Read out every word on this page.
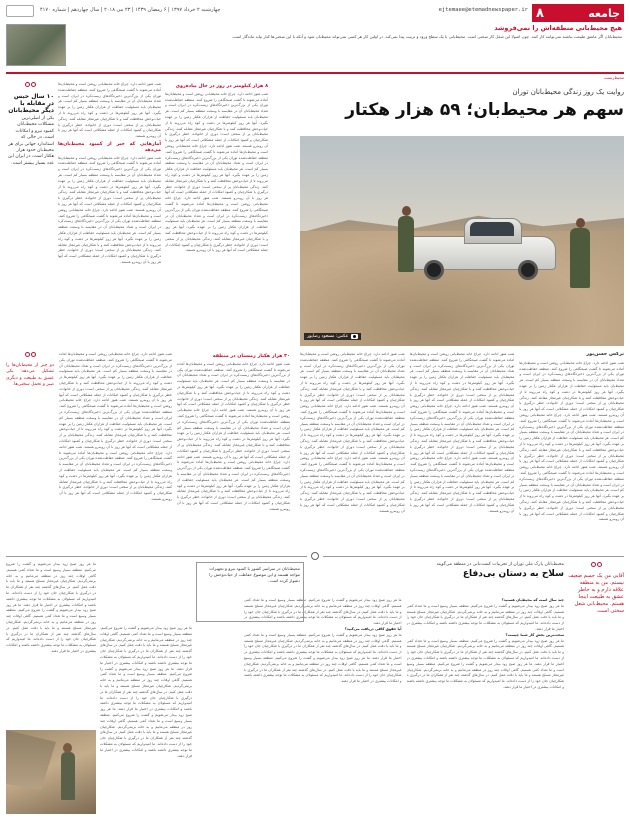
جامعه
۸
ejtemaee@etemadnewspaper.ir
چهارشنبه ۲ خرداد ۱۳۹۷ | ۶ رمضان ۱۴۳۹ | ۲۳ می ۲۰۱۸ | سال چهاردهم | شماره ۴۱۷۰
هیچ محیط‌بانی منطقه‌اش را نمی‌فروشد
محیط‌بانان اگر عاشق طبیعت نباشند نمی‌توانند کار کنند. چون اصولا این شغل کار سختی است. محیط‌بانی با یک سطح ورود و تربیت پیدا نمی‌کند. در اولین کار هر کسی نمی‌تواند محیط‌بان شود و آنکه با این سختی‌ها کنار بیاید ماندگار است.
محیط‌زیست
روایت یک روز زندگی محیط‌بانان توران
سهم هر محیط‌بان؛ ۵۹ هزار هکتار
عکس: مسعود رضاپور
۱۰ سال حبس در مقابله با دیگر محیط‌بانان
یکی از اصلی‌ترین مشکلات محیط‌بانان کمبود نیرو و امکانات است. در حالی که استاندارد جهانی برای هر محیط‌بان حدود هزار هکتار است، در ایران این عدد بسیار بیشتر است.
۸ هزار کیلومتر در روز در حال پیاده‌روی
شب هنوز ادامه دارد. چراغ خانه محیط‌بانی روشن است و محیط‌بان‌ها آماده می‌شوند تا گشت صبحگاهی را شروع کنند. منطقه حفاظت‌شده توران یکی از بزرگ‌ترین ذخیره‌گاه‌های زیست‌کره در ایران است و تعداد محیط‌بانان آن در مقایسه با وسعت منطقه بسیار کم است. هر محیط‌بان باید مسئولیت حفاظت از هزاران هکتار زمین را بر عهده بگیرد. آنها هر روز کیلومترها در دشت و کوه راه می‌روند تا از حیات‌وحش محافظت کنند و با شکارچیان غیرمجاز مقابله کنند. زندگی محیط‌بانان پر از سختی است؛ دوری از خانواده، خطر درگیری با شکارچیان و کمبود امکانات از جمله مشکلاتی است که آنها هر روز با آن روبه‌رو هستند. شب هنوز ادامه دارد. چراغ خانه محیط‌بانی روشن است و محیط‌بان‌ها آماده می‌شوند تا گشت صبحگاهی را شروع کنند. منطقه حفاظت‌شده توران یکی از بزرگ‌ترین ذخیره‌گاه‌های زیست‌کره در ایران است و تعداد محیط‌بانان آن در مقایسه با وسعت منطقه بسیار کم است. هر محیط‌بان باید مسئولیت حفاظت از هزاران هکتار زمین را بر عهده بگیرد. آنها هر روز کیلومترها در دشت و کوه راه می‌روند تا از حیات‌وحش محافظت کنند و با شکارچیان غیرمجاز مقابله کنند. زندگی محیط‌بانان پر از سختی است؛ دوری از خانواده، خطر درگیری با شکارچیان و کمبود امکانات از جمله مشکلاتی است که آنها هر روز با آن روبه‌رو هستند. شب هنوز ادامه دارد. چراغ خانه محیط‌بانی روشن است و محیط‌بان‌ها آماده می‌شوند تا گشت صبحگاهی را شروع کنند. منطقه حفاظت‌شده توران یکی از بزرگ‌ترین ذخیره‌گاه‌های زیست‌کره در ایران است و تعداد محیط‌بانان آن در مقایسه با وسعت منطقه بسیار کم است. هر محیط‌بان باید مسئولیت حفاظت از هزاران هکتار زمین را بر عهده بگیرد. آنها هر روز کیلومترها در دشت و کوه راه می‌روند تا از حیات‌وحش محافظت کنند و با شکارچیان غیرمجاز مقابله کنند. زندگی محیط‌بانان پر از سختی است؛ دوری از خانواده، خطر درگیری با شکارچیان و کمبود امکانات از جمله مشکلاتی است که آنها هر روز با آن روبه‌رو هستند.
شب هنوز ادامه دارد. چراغ خانه محیط‌بانی روشن است و محیط‌بان‌ها آماده می‌شوند تا گشت صبحگاهی را شروع کنند. منطقه حفاظت‌شده توران یکی از بزرگ‌ترین ذخیره‌گاه‌های زیست‌کره در ایران است و تعداد محیط‌بانان آن در مقایسه با وسعت منطقه بسیار کم است. هر محیط‌بان باید مسئولیت حفاظت از هزاران هکتار زمین را بر عهده بگیرد. آنها هر روز کیلومترها در دشت و کوه راه می‌روند تا از حیات‌وحش محافظت کنند و با شکارچیان غیرمجاز مقابله کنند. زندگی محیط‌بانان پر از سختی است؛ دوری از خانواده، خطر درگیری با شکارچیان و کمبود امکانات از جمله مشکلاتی است که آنها هر روز با آن روبه‌رو هستند.
آمارهایی که خبر از کمبود محیط‌بان‌ها می‌دهد
شب هنوز ادامه دارد. چراغ خانه محیط‌بانی روشن است و محیط‌بان‌ها آماده می‌شوند تا گشت صبحگاهی را شروع کنند. منطقه حفاظت‌شده توران یکی از بزرگ‌ترین ذخیره‌گاه‌های زیست‌کره در ایران است و تعداد محیط‌بانان آن در مقایسه با وسعت منطقه بسیار کم است. هر محیط‌بان باید مسئولیت حفاظت از هزاران هکتار زمین را بر عهده بگیرد. آنها هر روز کیلومترها در دشت و کوه راه می‌روند تا از حیات‌وحش محافظت کنند و با شکارچیان غیرمجاز مقابله کنند. زندگی محیط‌بانان پر از سختی است؛ دوری از خانواده، خطر درگیری با شکارچیان و کمبود امکانات از جمله مشکلاتی است که آنها هر روز با آن روبه‌رو هستند. شب هنوز ادامه دارد. چراغ خانه محیط‌بانی روشن است و محیط‌بان‌ها آماده می‌شوند تا گشت صبحگاهی را شروع کنند. منطقه حفاظت‌شده توران یکی از بزرگ‌ترین ذخیره‌گاه‌های زیست‌کره در ایران است و تعداد محیط‌بانان آن در مقایسه با وسعت منطقه بسیار کم است. هر محیط‌بان باید مسئولیت حفاظت از هزاران هکتار زمین را بر عهده بگیرد. آنها هر روز کیلومترها در دشت و کوه راه می‌روند تا از حیات‌وحش محافظت کنند و با شکارچیان غیرمجاز مقابله کنند. زندگی محیط‌بانان پر از سختی است؛ دوری از خانواده، خطر درگیری با شکارچیان و کمبود امکانات از جمله مشکلاتی است که آنها هر روز با آن روبه‌رو هستند.
نرگس حسن‌پور
شب هنوز ادامه دارد. چراغ خانه محیط‌بانی روشن است و محیط‌بان‌ها آماده می‌شوند تا گشت صبحگاهی را شروع کنند. منطقه حفاظت‌شده توران یکی از بزرگ‌ترین ذخیره‌گاه‌های زیست‌کره در ایران است و تعداد محیط‌بانان آن در مقایسه با وسعت منطقه بسیار کم است. هر محیط‌بان باید مسئولیت حفاظت از هزاران هکتار زمین را بر عهده بگیرد. آنها هر روز کیلومترها در دشت و کوه راه می‌روند تا از حیات‌وحش محافظت کنند و با شکارچیان غیرمجاز مقابله کنند. زندگی محیط‌بانان پر از سختی است؛ دوری از خانواده، خطر درگیری با شکارچیان و کمبود امکانات از جمله مشکلاتی است که آنها هر روز با آن روبه‌رو هستند. شب هنوز ادامه دارد. چراغ خانه محیط‌بانی روشن است و محیط‌بان‌ها آماده می‌شوند تا گشت صبحگاهی را شروع کنند. منطقه حفاظت‌شده توران یکی از بزرگ‌ترین ذخیره‌گاه‌های زیست‌کره در ایران است و تعداد محیط‌بانان آن در مقایسه با وسعت منطقه بسیار کم است. هر محیط‌بان باید مسئولیت حفاظت از هزاران هکتار زمین را بر عهده بگیرد. آنها هر روز کیلومترها در دشت و کوه راه می‌روند تا از حیات‌وحش محافظت کنند و با شکارچیان غیرمجاز مقابله کنند. زندگی محیط‌بانان پر از سختی است؛ دوری از خانواده، خطر درگیری با شکارچیان و کمبود امکانات از جمله مشکلاتی است که آنها هر روز با آن روبه‌رو هستند. شب هنوز ادامه دارد. چراغ خانه محیط‌بانی روشن است و محیط‌بان‌ها آماده می‌شوند تا گشت صبحگاهی را شروع کنند. منطقه حفاظت‌شده توران یکی از بزرگ‌ترین ذخیره‌گاه‌های زیست‌کره در ایران است و تعداد محیط‌بانان آن در مقایسه با وسعت منطقه بسیار کم است. هر محیط‌بان باید مسئولیت حفاظت از هزاران هکتار زمین را بر عهده بگیرد. آنها هر روز کیلومترها در دشت و کوه راه می‌روند تا از حیات‌وحش محافظت کنند و با شکارچیان غیرمجاز مقابله کنند. زندگی محیط‌بانان پر از سختی است؛ دوری از خانواده، خطر درگیری با شکارچیان و کمبود امکانات از جمله مشکلاتی است که آنها هر روز با آن روبه‌رو هستند.
شب هنوز ادامه دارد. چراغ خانه محیط‌بانی روشن است و محیط‌بان‌ها آماده می‌شوند تا گشت صبحگاهی را شروع کنند. منطقه حفاظت‌شده توران یکی از بزرگ‌ترین ذخیره‌گاه‌های زیست‌کره در ایران است و تعداد محیط‌بانان آن در مقایسه با وسعت منطقه بسیار کم است. هر محیط‌بان باید مسئولیت حفاظت از هزاران هکتار زمین را بر عهده بگیرد. آنها هر روز کیلومترها در دشت و کوه راه می‌روند تا از حیات‌وحش محافظت کنند و با شکارچیان غیرمجاز مقابله کنند. زندگی محیط‌بانان پر از سختی است؛ دوری از خانواده، خطر درگیری با شکارچیان و کمبود امکانات از جمله مشکلاتی است که آنها هر روز با آن روبه‌رو هستند. شب هنوز ادامه دارد. چراغ خانه محیط‌بانی روشن است و محیط‌بان‌ها آماده می‌شوند تا گشت صبحگاهی را شروع کنند. منطقه حفاظت‌شده توران یکی از بزرگ‌ترین ذخیره‌گاه‌های زیست‌کره در ایران است و تعداد محیط‌بانان آن در مقایسه با وسعت منطقه بسیار کم است. هر محیط‌بان باید مسئولیت حفاظت از هزاران هکتار زمین را بر عهده بگیرد. آنها هر روز کیلومترها در دشت و کوه راه می‌روند تا از حیات‌وحش محافظت کنند و با شکارچیان غیرمجاز مقابله کنند. زندگی محیط‌بانان پر از سختی است؛ دوری از خانواده، خطر درگیری با شکارچیان و کمبود امکانات از جمله مشکلاتی است که آنها هر روز با آن روبه‌رو هستند. شب هنوز ادامه دارد. چراغ خانه محیط‌بانی روشن است و محیط‌بان‌ها آماده می‌شوند تا گشت صبحگاهی را شروع کنند. منطقه حفاظت‌شده توران یکی از بزرگ‌ترین ذخیره‌گاه‌های زیست‌کره در ایران است و تعداد محیط‌بانان آن در مقایسه با وسعت منطقه بسیار کم است. هر محیط‌بان باید مسئولیت حفاظت از هزاران هکتار زمین را بر عهده بگیرد. آنها هر روز کیلومترها در دشت و کوه راه می‌روند تا از حیات‌وحش محافظت کنند و با شکارچیان غیرمجاز مقابله کنند. زندگی محیط‌بانان پر از سختی است؛ دوری از خانواده، خطر درگیری با شکارچیان و کمبود امکانات از جمله مشکلاتی است که آنها هر روز با آن روبه‌رو هستند.
شب هنوز ادامه دارد. چراغ خانه محیط‌بانی روشن است و محیط‌بان‌ها آماده می‌شوند تا گشت صبحگاهی را شروع کنند. منطقه حفاظت‌شده توران یکی از بزرگ‌ترین ذخیره‌گاه‌های زیست‌کره در ایران است و تعداد محیط‌بانان آن در مقایسه با وسعت منطقه بسیار کم است. هر محیط‌بان باید مسئولیت حفاظت از هزاران هکتار زمین را بر عهده بگیرد. آنها هر روز کیلومترها در دشت و کوه راه می‌روند تا از حیات‌وحش محافظت کنند و با شکارچیان غیرمجاز مقابله کنند. زندگی محیط‌بانان پر از سختی است؛ دوری از خانواده، خطر درگیری با شکارچیان و کمبود امکانات از جمله مشکلاتی است که آنها هر روز با آن روبه‌رو هستند. شب هنوز ادامه دارد. چراغ خانه محیط‌بانی روشن است و محیط‌بان‌ها آماده می‌شوند تا گشت صبحگاهی را شروع کنند. منطقه حفاظت‌شده توران یکی از بزرگ‌ترین ذخیره‌گاه‌های زیست‌کره در ایران است و تعداد محیط‌بانان آن در مقایسه با وسعت منطقه بسیار کم است. هر محیط‌بان باید مسئولیت حفاظت از هزاران هکتار زمین را بر عهده بگیرد. آنها هر روز کیلومترها در دشت و کوه راه می‌روند تا از حیات‌وحش محافظت کنند و با شکارچیان غیرمجاز مقابله کنند. زندگی محیط‌بانان پر از سختی است؛ دوری از خانواده، خطر درگیری با شکارچیان و کمبود امکانات از جمله مشکلاتی است که آنها هر روز با آن روبه‌رو هستند. شب هنوز ادامه دارد. چراغ خانه محیط‌بانی روشن است و محیط‌بان‌ها آماده می‌شوند تا گشت صبحگاهی را شروع کنند. منطقه حفاظت‌شده توران یکی از بزرگ‌ترین ذخیره‌گاه‌های زیست‌کره در ایران است و تعداد محیط‌بانان آن در مقایسه با وسعت منطقه بسیار کم است. هر محیط‌بان باید مسئولیت حفاظت از هزاران هکتار زمین را بر عهده بگیرد. آنها هر روز کیلومترها در دشت و کوه راه می‌روند تا از حیات‌وحش محافظت کنند و با شکارچیان غیرمجاز مقابله کنند. زندگی محیط‌بانان پر از سختی است؛ دوری از خانواده، خطر درگیری با شکارچیان و کمبود امکانات از جمله مشکلاتی است که آنها هر روز با آن روبه‌رو هستند.
۳۰ هزار هکتار زمستان در منطقه
شب هنوز ادامه دارد. چراغ خانه محیط‌بانی روشن است و محیط‌بان‌ها آماده می‌شوند تا گشت صبحگاهی را شروع کنند. منطقه حفاظت‌شده توران یکی از بزرگ‌ترین ذخیره‌گاه‌های زیست‌کره در ایران است و تعداد محیط‌بانان آن در مقایسه با وسعت منطقه بسیار کم است. هر محیط‌بان باید مسئولیت حفاظت از هزاران هکتار زمین را بر عهده بگیرد. آنها هر روز کیلومترها در دشت و کوه راه می‌روند تا از حیات‌وحش محافظت کنند و با شکارچیان غیرمجاز مقابله کنند. زندگی محیط‌بانان پر از سختی است؛ دوری از خانواده، خطر درگیری با شکارچیان و کمبود امکانات از جمله مشکلاتی است که آنها هر روز با آن روبه‌رو هستند. شب هنوز ادامه دارد. چراغ خانه محیط‌بانی روشن است و محیط‌بان‌ها آماده می‌شوند تا گشت صبحگاهی را شروع کنند. منطقه حفاظت‌شده توران یکی از بزرگ‌ترین ذخیره‌گاه‌های زیست‌کره در ایران است و تعداد محیط‌بانان آن در مقایسه با وسعت منطقه بسیار کم است. هر محیط‌بان باید مسئولیت حفاظت از هزاران هکتار زمین را بر عهده بگیرد. آنها هر روز کیلومترها در دشت و کوه راه می‌روند تا از حیات‌وحش محافظت کنند و با شکارچیان غیرمجاز مقابله کنند. زندگی محیط‌بانان پر از سختی است؛ دوری از خانواده، خطر درگیری با شکارچیان و کمبود امکانات از جمله مشکلاتی است که آنها هر روز با آن روبه‌رو هستند. شب هنوز ادامه دارد. چراغ خانه محیط‌بانی روشن است و محیط‌بان‌ها آماده می‌شوند تا گشت صبحگاهی را شروع کنند. منطقه حفاظت‌شده توران یکی از بزرگ‌ترین ذخیره‌گاه‌های زیست‌کره در ایران است و تعداد محیط‌بانان آن در مقایسه با وسعت منطقه بسیار کم است. هر محیط‌بان باید مسئولیت حفاظت از هزاران هکتار زمین را بر عهده بگیرد. آنها هر روز کیلومترها در دشت و کوه راه می‌روند تا از حیات‌وحش محافظت کنند و با شکارچیان غیرمجاز مقابله کنند. زندگی محیط‌بانان پر از سختی است؛ دوری از خانواده، خطر درگیری با شکارچیان و کمبود امکانات از جمله مشکلاتی است که آنها هر روز با آن روبه‌رو هستند.
شب هنوز ادامه دارد. چراغ خانه محیط‌بانی روشن است و محیط‌بان‌ها آماده می‌شوند تا گشت صبحگاهی را شروع کنند. منطقه حفاظت‌شده توران یکی از بزرگ‌ترین ذخیره‌گاه‌های زیست‌کره در ایران است و تعداد محیط‌بانان آن در مقایسه با وسعت منطقه بسیار کم است. هر محیط‌بان باید مسئولیت حفاظت از هزاران هکتار زمین را بر عهده بگیرد. آنها هر روز کیلومترها در دشت و کوه راه می‌روند تا از حیات‌وحش محافظت کنند و با شکارچیان غیرمجاز مقابله کنند. زندگی محیط‌بانان پر از سختی است؛ دوری از خانواده، خطر درگیری با شکارچیان و کمبود امکانات از جمله مشکلاتی است که آنها هر روز با آن روبه‌رو هستند. شب هنوز ادامه دارد. چراغ خانه محیط‌بانی روشن است و محیط‌بان‌ها آماده می‌شوند تا گشت صبحگاهی را شروع کنند. منطقه حفاظت‌شده توران یکی از بزرگ‌ترین ذخیره‌گاه‌های زیست‌کره در ایران است و تعداد محیط‌بانان آن در مقایسه با وسعت منطقه بسیار کم است. هر محیط‌بان باید مسئولیت حفاظت از هزاران هکتار زمین را بر عهده بگیرد. آنها هر روز کیلومترها در دشت و کوه راه می‌روند تا از حیات‌وحش محافظت کنند و با شکارچیان غیرمجاز مقابله کنند. زندگی محیط‌بانان پر از سختی است؛ دوری از خانواده، خطر درگیری با شکارچیان و کمبود امکانات از جمله مشکلاتی است که آنها هر روز با آن روبه‌رو هستند. شب هنوز ادامه دارد. چراغ خانه محیط‌بانی روشن است و محیط‌بان‌ها آماده می‌شوند تا گشت صبحگاهی را شروع کنند. منطقه حفاظت‌شده توران یکی از بزرگ‌ترین ذخیره‌گاه‌های زیست‌کره در ایران است و تعداد محیط‌بانان آن در مقایسه با وسعت منطقه بسیار کم است. هر محیط‌بان باید مسئولیت حفاظت از هزاران هکتار زمین را بر عهده بگیرد. آنها هر روز کیلومترها در دشت و کوه راه می‌روند تا از حیات‌وحش محافظت کنند و با شکارچیان غیرمجاز مقابله کنند. زندگی محیط‌بانان پر از سختی است؛ دوری از خانواده، خطر درگیری با شکارچیان و کمبود امکانات از جمله مشکلاتی است که آنها هر روز با آن روبه‌رو هستند.
دو چیز از محیط‌بان‌ها را تشکیل می‌دهد: یکی عشق به طبیعت و دیگری صبر و تحمل سختی‌ها.
آقایی من یک جسم ضعیف نیستم. من به منطقه علاقه دارم و به خاطر عشق به طبیعت اینجا هستم. محیط‌بانی شغل سختی است.
محیط‌بانان پارک ملی توران از تجربیات کشت‌بانی در منطقه می‌گویند
سلاح به دستان بی‌دفاع
چند سال است که محیط‌بان هستید؟
ما هر روز صبح زود بیدار می‌شویم و گشت را شروع می‌کنیم. منطقه بسیار وسیع است و ما تعداد کمی هستیم. گاهی اوقات چند روز در منطقه می‌مانیم و به خانه برنمی‌گردیم. شکارچیان غیرمجاز مسلح هستند و ما باید با دقت عمل کنیم. در سال‌های گذشته چند نفر از همکاران ما در درگیری با شکارچیان جان خود را از دست داده‌اند. ما امیدواریم که مسئولان به مشکلات ما توجه بیشتری داشته باشند و امکانات بیشتری در اختیار ما قرار دهند.
سخت‌ترین بخش کار شما چیست؟
ما هر روز صبح زود بیدار می‌شویم و گشت را شروع می‌کنیم. منطقه بسیار وسیع است و ما تعداد کمی هستیم. گاهی اوقات چند روز در منطقه می‌مانیم و به خانه برنمی‌گردیم. شکارچیان غیرمجاز مسلح هستند و ما باید با دقت عمل کنیم. در سال‌های گذشته چند نفر از همکاران ما در درگیری با شکارچیان جان خود را از دست داده‌اند. ما امیدواریم که مسئولان به مشکلات ما توجه بیشتری داشته باشند و امکانات بیشتری در اختیار ما قرار دهند. ما هر روز صبح زود بیدار می‌شویم و گشت را شروع می‌کنیم. منطقه بسیار وسیع است و ما تعداد کمی هستیم. گاهی اوقات چند روز در منطقه می‌مانیم و به خانه برنمی‌گردیم. شکارچیان غیرمجاز مسلح هستند و ما باید با دقت عمل کنیم. در سال‌های گذشته چند نفر از همکاران ما در درگیری با شکارچیان جان خود را از دست داده‌اند. ما امیدواریم که مسئولان به مشکلات ما توجه بیشتری داشته باشند و امکانات بیشتری در اختیار ما قرار دهند.
ما هر روز صبح زود بیدار می‌شویم و گشت را شروع می‌کنیم. منطقه بسیار وسیع است و ما تعداد کمی هستیم. گاهی اوقات چند روز در منطقه می‌مانیم و به خانه برنمی‌گردیم. شکارچیان غیرمجاز مسلح هستند و ما باید با دقت عمل کنیم. در سال‌های گذشته چند نفر از همکاران ما در درگیری با شکارچیان جان خود را از دست داده‌اند. ما امیدواریم که مسئولان به مشکلات ما توجه بیشتری داشته باشند و امکانات بیشتری در اختیار ما قرار دهند.
آیا حقوق کافی دریافت می‌کنید؟
ما هر روز صبح زود بیدار می‌شویم و گشت را شروع می‌کنیم. منطقه بسیار وسیع است و ما تعداد کمی هستیم. گاهی اوقات چند روز در منطقه می‌مانیم و به خانه برنمی‌گردیم. شکارچیان غیرمجاز مسلح هستند و ما باید با دقت عمل کنیم. در سال‌های گذشته چند نفر از همکاران ما در درگیری با شکارچیان جان خود را از دست داده‌اند. ما امیدواریم که مسئولان به مشکلات ما توجه بیشتری داشته باشند و امکانات بیشتری در اختیار ما قرار دهند. ما هر روز صبح زود بیدار می‌شویم و گشت را شروع می‌کنیم. منطقه بسیار وسیع است و ما تعداد کمی هستیم. گاهی اوقات چند روز در منطقه می‌مانیم و به خانه برنمی‌گردیم. شکارچیان غیرمجاز مسلح هستند و ما باید با دقت عمل کنیم. در سال‌های گذشته چند نفر از همکاران ما در درگیری با شکارچیان جان خود را از دست داده‌اند. ما امیدواریم که مسئولان به مشکلات ما توجه بیشتری داشته باشند و امکانات بیشتری در اختیار ما قرار دهند.
محیط‌بانان در سراسر کشور با کمبود نیرو و تجهیزات مواجه هستند و این موضوع حفاظت از حیات‌وحش را دشوار کرده است.
ما هر روز صبح زود بیدار می‌شویم و گشت را شروع می‌کنیم. منطقه بسیار وسیع است و ما تعداد کمی هستیم. گاهی اوقات چند روز در منطقه می‌مانیم و به خانه برنمی‌گردیم. شکارچیان غیرمجاز مسلح هستند و ما باید با دقت عمل کنیم. در سال‌های گذشته چند نفر از همکاران ما در درگیری با شکارچیان جان خود را از دست داده‌اند. ما امیدواریم که مسئولان به مشکلات ما توجه بیشتری داشته باشند و امکانات بیشتری در اختیار ما قرار دهند. ما هر روز صبح زود بیدار می‌شویم و گشت را شروع می‌کنیم. منطقه بسیار وسیع است و ما تعداد کمی هستیم. گاهی اوقات چند روز در منطقه می‌مانیم و به خانه برنمی‌گردیم. شکارچیان غیرمجاز مسلح هستند و ما باید با دقت عمل کنیم. در سال‌های گذشته چند نفر از همکاران ما در درگیری با شکارچیان جان خود را از دست داده‌اند. ما امیدواریم که مسئولان به مشکلات ما توجه بیشتری داشته باشند و امکانات بیشتری در اختیار ما قرار دهند. ما هر روز صبح زود بیدار می‌شویم و گشت را شروع می‌کنیم. منطقه بسیار وسیع است و ما تعداد کمی هستیم. گاهی اوقات چند روز در منطقه می‌مانیم و به خانه برنمی‌گردیم. شکارچیان غیرمجاز مسلح هستند و ما باید با دقت عمل کنیم. در سال‌های گذشته چند نفر از همکاران ما در درگیری با شکارچیان جان خود را از دست داده‌اند. ما امیدواریم که مسئولان به مشکلات ما توجه بیشتری داشته باشند و امکانات بیشتری در اختیار ما قرار دهند.
ما هر روز صبح زود بیدار می‌شویم و گشت را شروع می‌کنیم. منطقه بسیار وسیع است و ما تعداد کمی هستیم. گاهی اوقات چند روز در منطقه می‌مانیم و به خانه برنمی‌گردیم. شکارچیان غیرمجاز مسلح هستند و ما باید با دقت عمل کنیم. در سال‌های گذشته چند نفر از همکاران ما در درگیری با شکارچیان جان خود را از دست داده‌اند. ما امیدواریم که مسئولان به مشکلات ما توجه بیشتری داشته باشند و امکانات بیشتری در اختیار ما قرار دهند. ما هر روز صبح زود بیدار می‌شویم و گشت را شروع می‌کنیم. منطقه بسیار وسیع است و ما تعداد کمی هستیم. گاهی اوقات چند روز در منطقه می‌مانیم و به خانه برنمی‌گردیم. شکارچیان غیرمجاز مسلح هستند و ما باید با دقت عمل کنیم. در سال‌های گذشته چند نفر از همکاران ما در درگیری با شکارچیان جان خود را از دست داده‌اند. ما امیدواریم که مسئولان به مشکلات ما توجه بیشتری داشته باشند و امکانات بیشتری در اختیار ما قرار دهند.
